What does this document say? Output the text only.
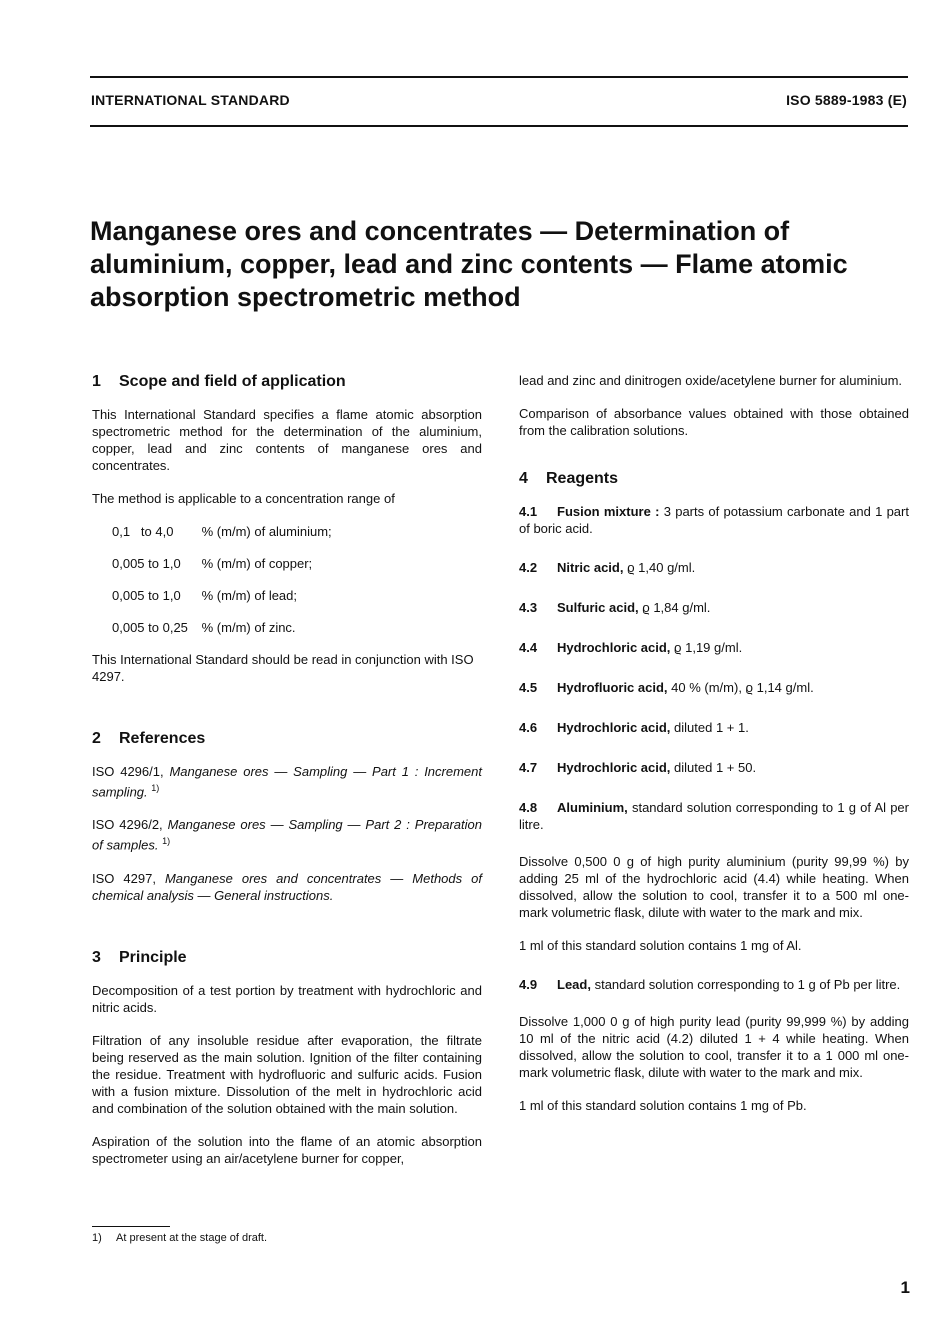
INTERNATIONAL STANDARD	ISO 5889-1983 (E)
Manganese ores and concentrates — Determination of aluminium, copper, lead and zinc contents — Flame atomic absorption spectrometric method
1 Scope and field of application

This International Standard specifies a flame atomic absorption spectrometric method for the determination of the aluminium, copper, lead and zinc contents of manganese ores and concentrates.

The method is applicable to a concentration range of

0,1   to 4,0 % (m/m) of aluminium;
0,005 to 1,0 % (m/m) of copper;
0,005 to 1,0 % (m/m) of lead;
0,005 to 0,25 % (m/m) of zinc.

This International Standard should be read in conjunction with ISO 4297.

2 References

ISO 4296/1, Manganese ores — Sampling — Part 1 : Increment sampling. $^{1)}$

ISO 4296/2, Manganese ores — Sampling — Part 2 : Preparation of samples. $^{1)}$

ISO 4297, Manganese ores and concentrates — Methods of chemical analysis — General instructions.

3 Principle

Decomposition of a test portion by treatment with hydrochloric and nitric acids.

Filtration of any insoluble residue after evaporation, the filtrate being reserved as the main solution. Ignition of the filter containing the residue. Treatment with hydrofluoric and sulfuric acids. Fusion with a fusion mixture. Dissolution of the melt in hydrochloric acid and combination of the solution obtained with the main solution.

Aspiration of the solution into the flame of an atomic absorption spectrometer using an air/acetylene burner for copper,

lead and zinc and dinitrogen oxide/acetylene burner for aluminium.

Comparison of absorbance values obtained with those obtained from the calibration solutions.

4 Reagents

4.1 Fusion mixture : 3 parts of potassium carbonate and 1 part of boric acid.

4.2 Nitric acid, ϱ 1,40 g/ml.

4.3 Sulfuric acid, ϱ 1,84 g/ml.

4.4 Hydrochloric acid, ϱ 1,19 g/ml.

4.5 Hydrofluoric acid, 40 % (m/m), ϱ 1,14 g/ml.

4.6 Hydrochloric acid, diluted 1 + 1.

4.7 Hydrochloric acid, diluted 1 + 50.

4.8 Aluminium, standard solution corresponding to 1 g of Al per litre.

Dissolve 0,500 0 g of high purity aluminium (purity 99,99 %) by adding 25 ml of the hydrochloric acid (4.4) while heating. When dissolved, allow the solution to cool, transfer it to a 500 ml one-mark volumetric flask, dilute with water to the mark and mix.

1 ml of this standard solution contains 1 mg of Al.

4.9 Lead, standard solution corresponding to 1 g of Pb per litre.

Dissolve 1,000 0 g of high purity lead (purity 99,999 %) by adding 10 ml of the nitric acid (4.2) diluted 1 + 4 while heating. When dissolved, allow the solution to cool, transfer it to a 1 000 ml one-mark volumetric flask, dilute with water to the mark and mix.

1 ml of this standard solution contains 1 mg of Pb.

1) At present at the stage of draft.
1
